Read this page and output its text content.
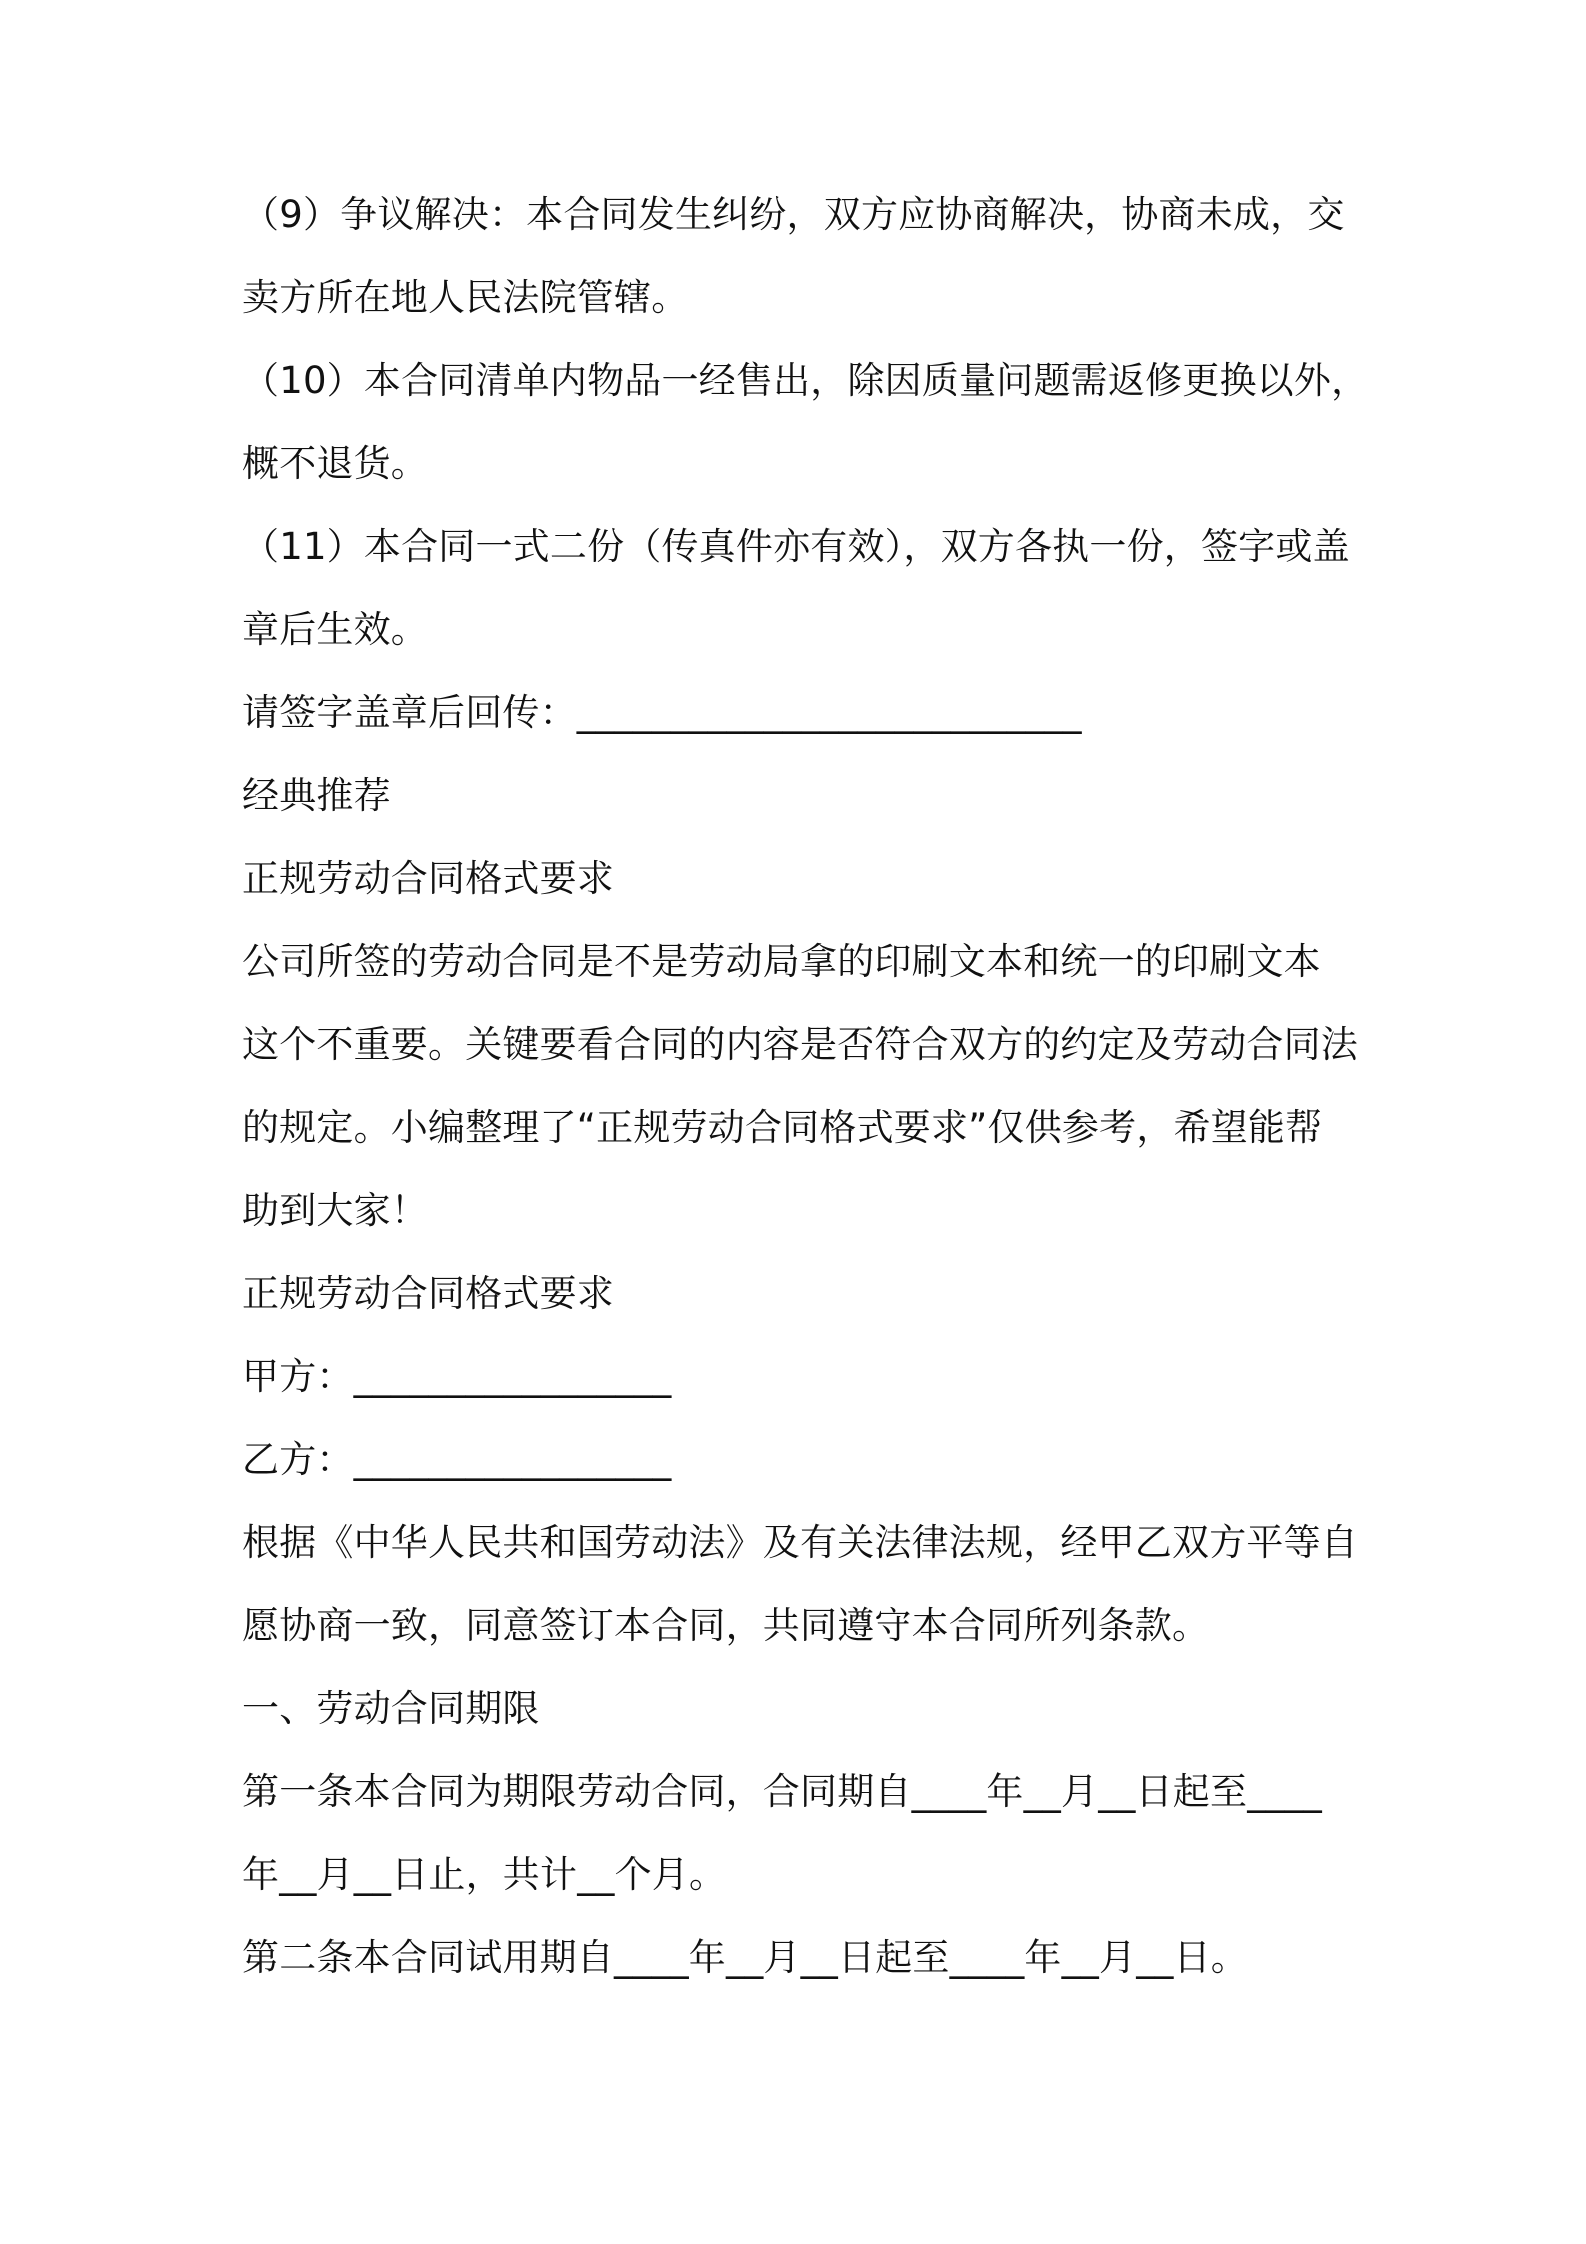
（9）争议解决：本合同发生纠纷，双方应协商解决，协商未成，交
卖方所在地人民法院管辖。
（10）本合同清单内物品一经售出，除因质量问题需返修更换以外，
概不退货。
（11）本合同一式二份（传真件亦有效），双方各执一份，签字或盖
章后生效。
请签字盖章后回传：___________________________
经典推荐
正规劳动合同格式要求
公司所签的劳动合同是不是劳动局拿的印刷文本和统一的印刷文本
这个不重要。关键要看合同的内容是否符合双方的约定及劳动合同法
的规定。小编整理了“正规劳动合同格式要求”仅供参考，希望能帮
助到大家！
正规劳动合同格式要求
甲方：_________________
乙方：_________________
根据《中华人民共和国劳动法》及有关法律法规，经甲乙双方平等自
愿协商一致，同意签订本合同，共同遵守本合同所列条款。
一、劳动合同期限
第一条本合同为期限劳动合同，合同期自____年__月__日起至____
年__月__日止，共计__个月。
第二条本合同试用期自____年__月__日起至____年__月__日。
